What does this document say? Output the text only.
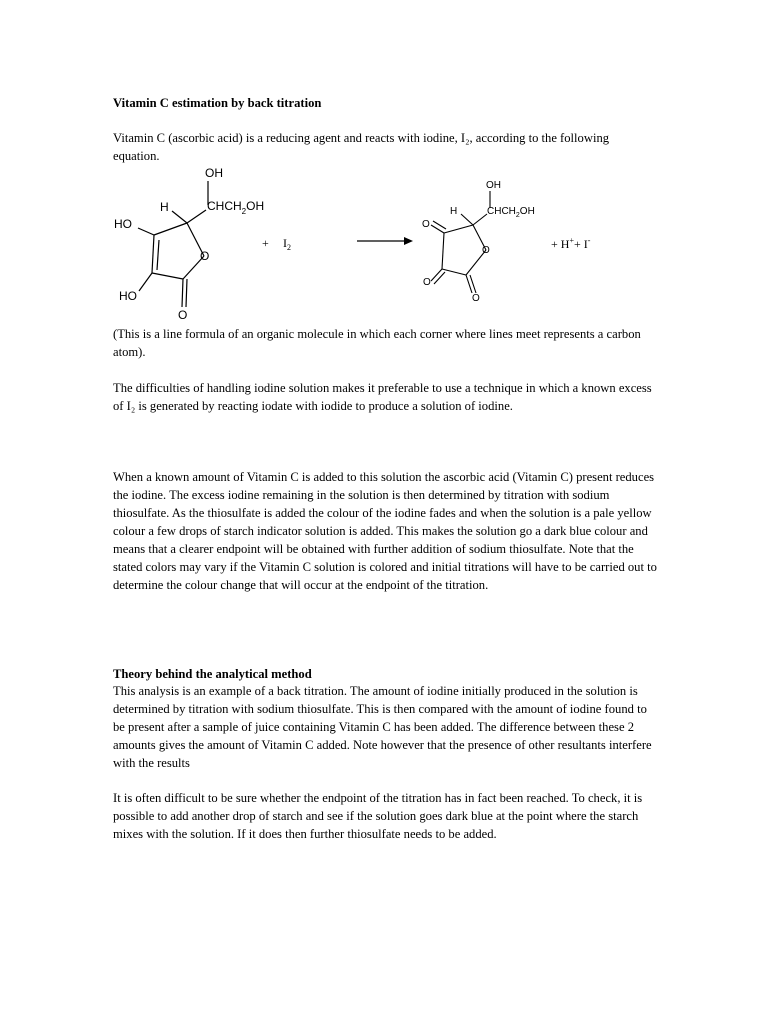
Vitamin C estimation by back titration

Vitamin C (ascorbic acid) is a reducing agent and reacts with iodine, I₂, according to the following equation.

OH
H	$CHCH_2OH$
HO
O
HO
O
+ $I_2$
OH
H	$CHCH_2OH$
O
O
O
O
+ H++ I-

(This is a line formula of an organic molecule in which each corner where lines meet represents a carbon atom).

The difficulties of handling iodine solution makes it preferable to use a technique in which a known excess of I₂ is generated by reacting iodate with iodide to produce a solution of iodine.

When a known amount of Vitamin C is added to this solution the ascorbic acid (Vitamin C) present reduces the iodine. The excess iodine remaining in the solution is then determined by titration with sodium thiosulfate. As the thiosulfate is added the colour of the iodine fades and when the solution is a pale yellow colour a few drops of starch indicator solution is added. This makes the solution go a dark blue colour and means that a clearer endpoint will be obtained with further addition of sodium thiosulfate. Note that the stated colors may vary if the Vitamin C solution is colored and initial titrations will have to be carried out to determine the colour change that will occur at the endpoint of the titration.

Theory behind the analytical method

This analysis is an example of a back titration. The amount of iodine initially produced in the solution is determined by titration with sodium thiosulfate. This is then compared with the amount of iodine found to be present after a sample of juice containing Vitamin C has been added. The difference between these 2 amounts gives the amount of Vitamin C added. Note however that the presence of other resultants interfere with the results

It is often difficult to be sure whether the endpoint of the titration has in fact been reached. To check, it is possible to add another drop of starch and see if the solution goes dark blue at the point where the starch mixes with the solution. If it does then further thiosulfate needs to be added.
